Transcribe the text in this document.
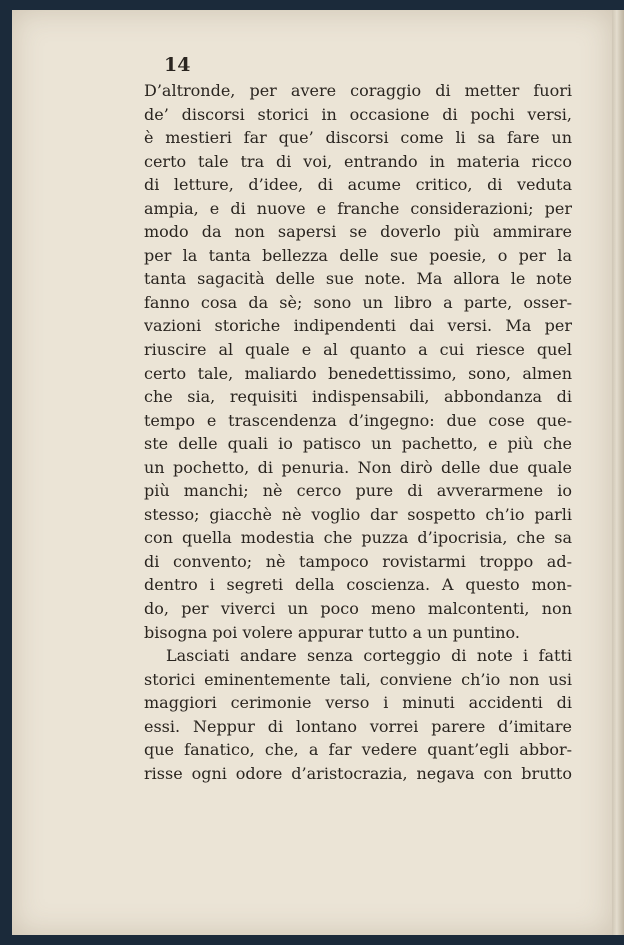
14
D’altronde, per avere coraggio di metter fuori
de’ discorsi storici in occasione di pochi versi,
è mestieri far que’ discorsi come li sa fare un
certo tale tra di voi, entrando in materia ricco
di letture, d’idee, di acume critico, di veduta
ampia, e di nuove e franche considerazioni; per
modo da non sapersi se doverlo più ammirare
per la tanta bellezza delle sue poesie, o per la
tanta sagacità delle sue note. Ma allora le note
fanno cosa da sè; sono un libro a parte, osser-
vazioni storiche indipendenti dai versi. Ma per
riuscire al quale e al quanto a cui riesce quel
certo tale, maliardo benedettissimo, sono, almen
che sia, requisiti indispensabili, abbondanza di
tempo e trascendenza d’ingegno: due cose que-
ste delle quali io patisco un pachetto, e più che
un pochetto, di penuria. Non dirò delle due quale
più manchi; nè cerco pure di avverarmene io
stesso; giacchè nè voglio dar sospetto ch’io parli
con quella modestia che puzza d’ipocrisia, che sa
di convento; nè tampoco rovistarmi troppo ad-
dentro i segreti della coscienza. A questo mon-
do, per viverci un poco meno malcontenti, non
bisogna poi volere appurar tutto a un puntino.
Lasciati andare senza corteggio di note i fatti
storici eminentemente tali, conviene ch’io non usi
maggiori cerimonie verso i minuti accidenti di
essi. Neppur di lontano vorrei parere d’imitare
que fanatico, che, a far vedere quant’egli abbor-
risse ogni odore d’aristocrazia, negava con brutto
